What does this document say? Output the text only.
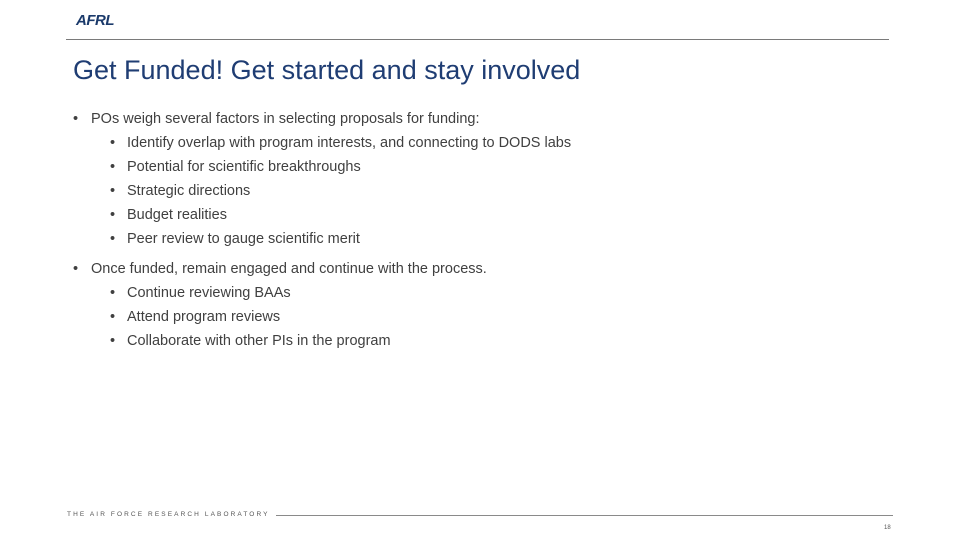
AFRL
Get Funded! Get started and stay involved
• POs weigh several factors in selecting proposals for funding:
• Identify overlap with program interests, and connecting to DODS labs
• Potential for scientific breakthroughs
• Strategic directions
• Budget realities
• Peer review to gauge scientific merit
• Once funded, remain engaged and continue with the process.
• Continue reviewing BAAs
• Attend program reviews
• Collaborate with other PIs in the program
THE AIR FORCE RESEARCH LABORATORY
18
